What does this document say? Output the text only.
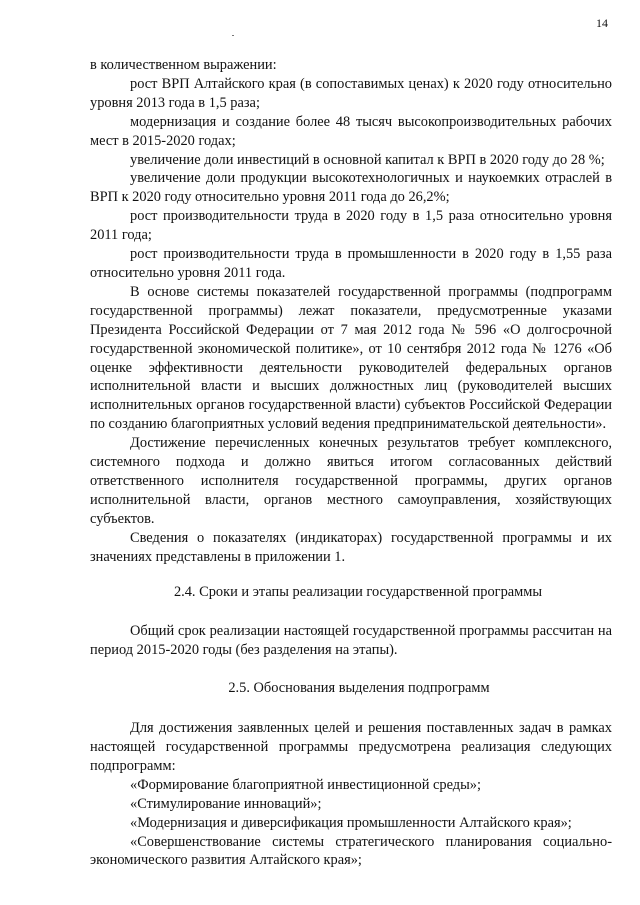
14

в количественном выражении:

рост ВРП Алтайского края (в сопоставимых ценах) к 2020 году относительно уровня 2013 года в 1,5 раза;

модернизация и создание более 48 тысяч высокопроизводительных рабочих мест в 2015-2020 годах;

увеличение доли инвестиций в основной капитал к ВРП в 2020 году до 28 %;

увеличение доли продукции высокотехнологичных и наукоемких отраслей в ВРП к 2020 году относительно уровня 2011 года до 26,2%;

рост производительности труда в 2020 году в 1,5 раза относительно уровня 2011 года;

рост производительности труда в промышленности в 2020 году в 1,55 раза относительно уровня 2011 года.

В основе системы показателей государственной программы (подпрограмм государственной программы) лежат показатели, предусмотренные указами Президента Российской Федерации от 7 мая 2012 года № 596 «О долгосрочной государственной экономической политике», от 10 сентября 2012 года № 1276 «Об оценке эффективности деятельности руководителей федеральных органов исполнительной власти и высших должностных лиц (руководителей высших исполнительных органов государственной власти) субъектов Российской Федерации по созданию благоприятных условий ведения предпринимательской деятельности».

Достижение перечисленных конечных результатов требует комплексного, системного подхода и должно явиться итогом согласованных действий ответственного исполнителя государственной программы, других органов исполнительной власти, органов местного самоуправления, хозяйствующих субъектов.

Сведения о показателях (индикаторах) государственной программы и их значениях представлены в приложении 1.

2.4. Сроки и этапы реализации государственной программы

Общий срок реализации настоящей государственной программы рассчитан на период 2015-2020 годы (без разделения на этапы).

2.5. Обоснования выделения подпрограмм

Для достижения заявленных целей и решения поставленных задач в рамках настоящей государственной программы предусмотрена реализация следующих подпрограмм:

«Формирование благоприятной инвестиционной среды»;

«Стимулирование инноваций»;

«Модернизация и диверсификация промышленности Алтайского края»;

«Совершенствование системы стратегического планирования социально-экономического развития Алтайского края»;
